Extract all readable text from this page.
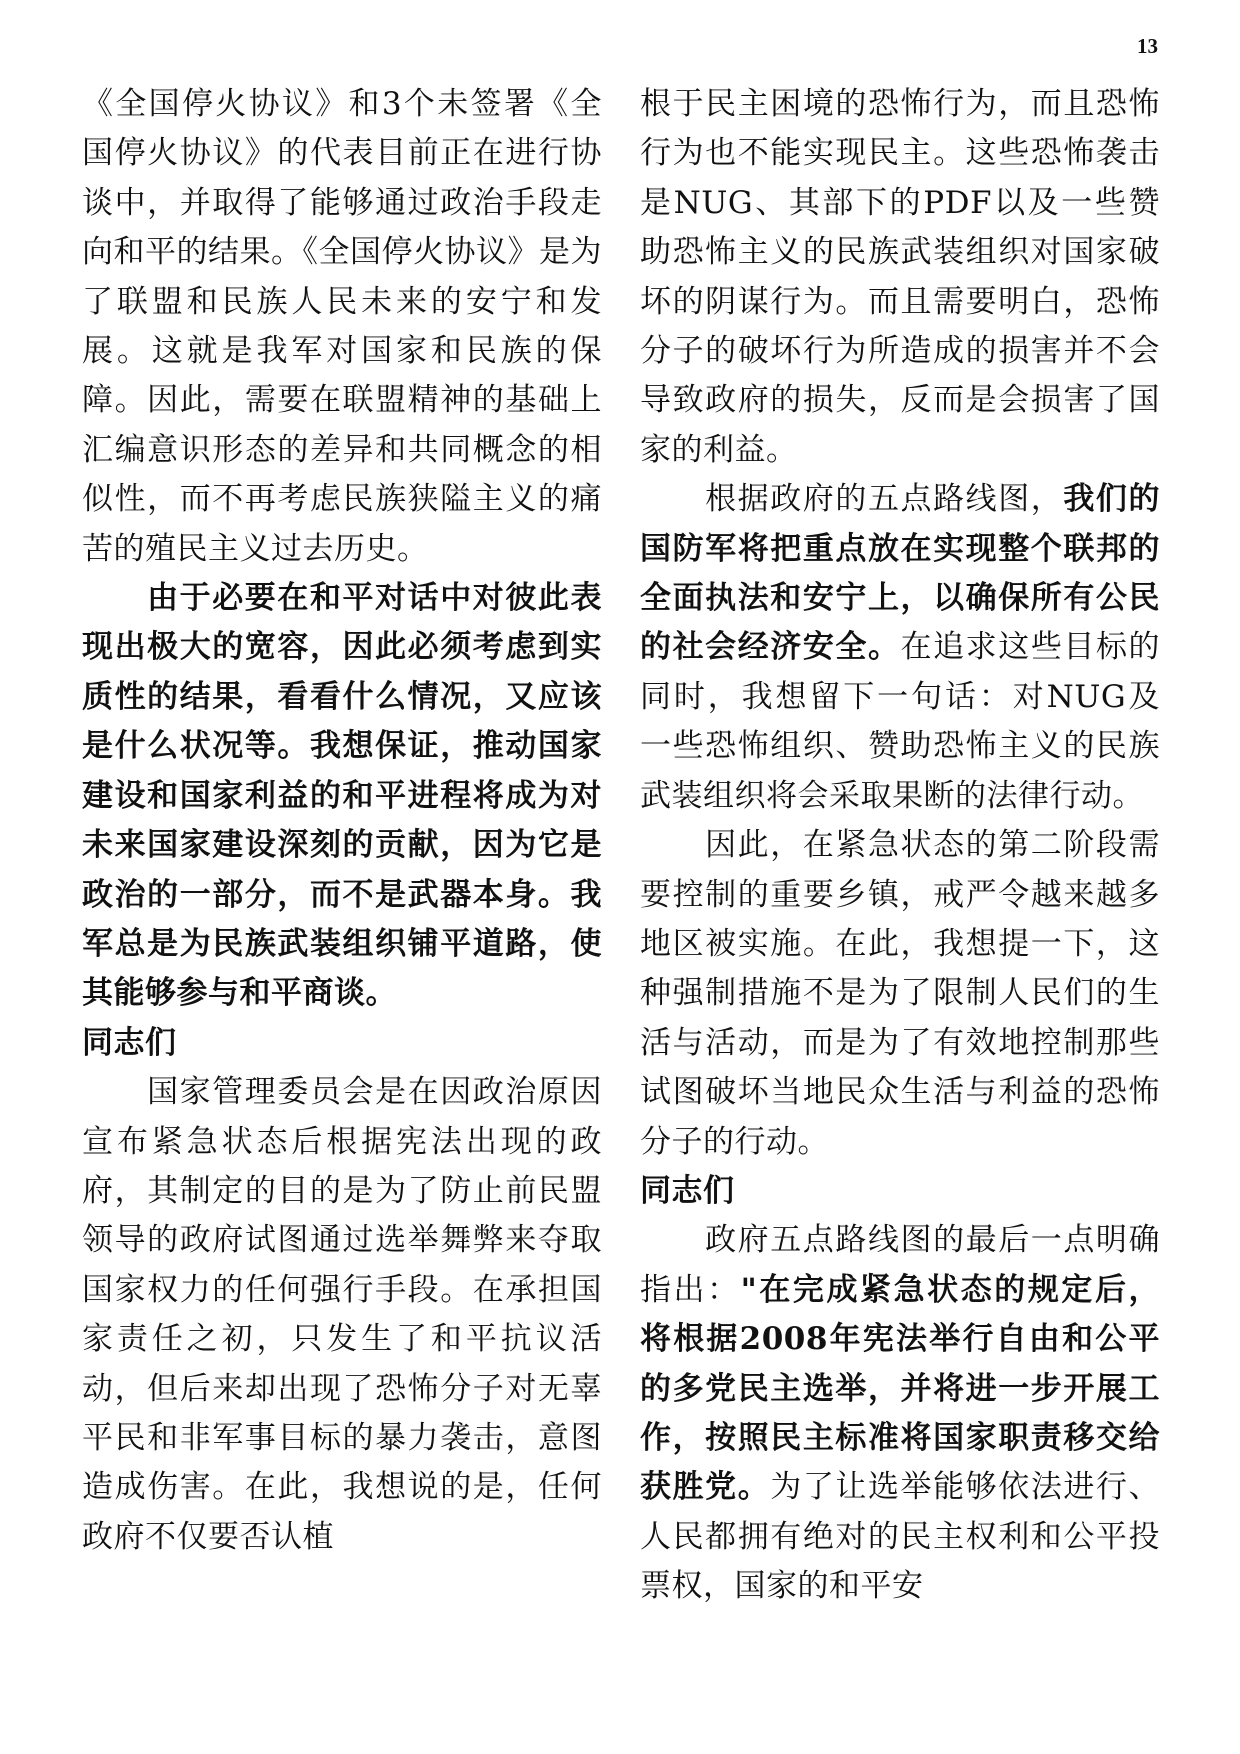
13

《全国停火协议》和3个未签署《全国停火协议》的代表目前正在进行协谈中，并取得了能够通过政治手段走向和平的结果。《全国停火协议》是为了联盟和民族人民未来的安宁和发展。这就是我军对国家和民族的保障。因此，需要在联盟精神的基础上汇编意识形态的差异和共同概念的相似性，而不再考虑民族狭隘主义的痛苦的殖民主义过去历史。

由于必要在和平对话中对彼此表现出极大的宽容，因此必须考虑到实质性的结果，看看什么情况，又应该是什么状况等。我想保证，推动国家建设和国家利益的和平进程将成为对未来国家建设深刻的贡献，因为它是政治的一部分，而不是武器本身。我军总是为民族武装组织铺平道路，使其能够参与和平商谈。

同志们

国家管理委员会是在因政治原因宣布紧急状态后根据宪法出现的政府，其制定的目的是为了防止前民盟领导的政府试图通过选举舞弊来夺取国家权力的任何强行手段。在承担国家责任之初，只发生了和平抗议活动，但后来却出现了恐怖分子对无辜平民和非军事目标的暴力袭击，意图造成伤害。在此，我想说的是，任何政府不仅要否认植

根于民主困境的恐怖行为，而且恐怖行为也不能实现民主。这些恐怖袭击是NUG、其部下的PDF以及一些赞助恐怖主义的民族武装组织对国家破坏的阴谋行为。而且需要明白，恐怖分子的破坏行为所造成的损害并不会导致政府的损失，反而是会损害了国家的利益。

根据政府的五点路线图，我们的国防军将把重点放在实现整个联邦的全面执法和安宁上，以确保所有公民的社会经济安全。在追求这些目标的同时，我想留下一句话：对NUG及一些恐怖组织、赞助恐怖主义的民族武装组织将会采取果断的法律行动。

因此，在紧急状态的第二阶段需要控制的重要乡镇，戒严令越来越多地区被实施。在此，我想提一下，这种强制措施不是为了限制人民们的生活与活动，而是为了有效地控制那些试图破坏当地民众生活与利益的恐怖分子的行动。

同志们

政府五点路线图的最后一点明确指出："在完成紧急状态的规定后，将根据2008年宪法举行自由和公平的多党民主选举，并将进一步开展工作，按照民主标准将国家职责移交给获胜党。为了让选举能够依法进行、人民都拥有绝对的民主权利和公平投票权，国家的和平安
